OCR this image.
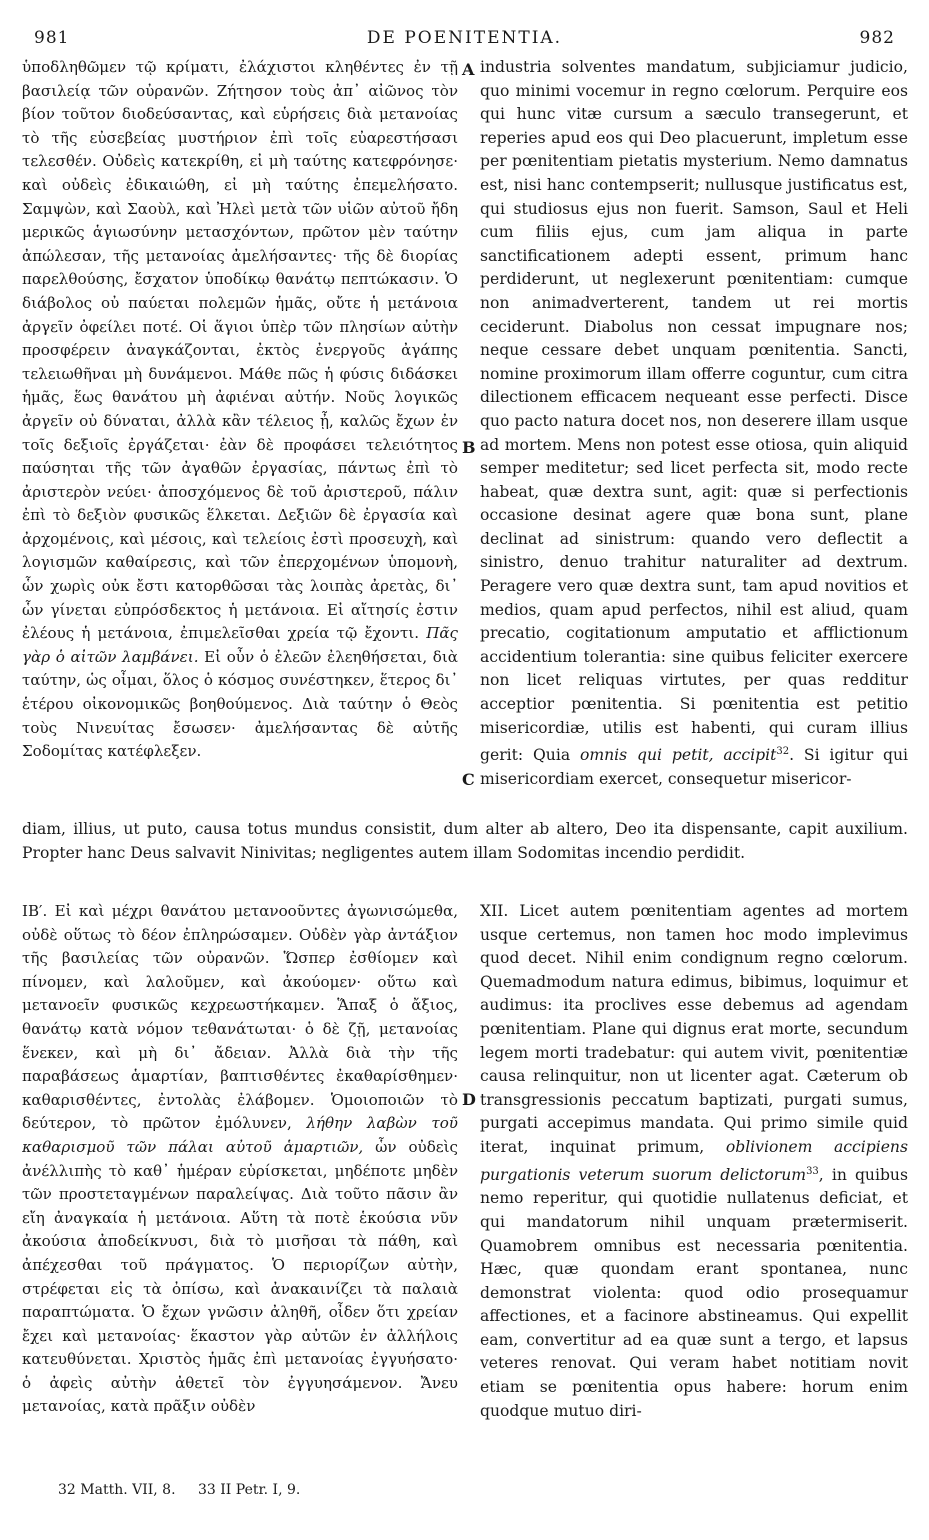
981	DE POENITENTIA.	982
ὑποδληθῶμεν τῷ κρίματι, ἐλάχιστοι κληθέντες ἐν τῇ βασιλείᾳ τῶν οὐρανῶν. Ζήτησον τοὺς ἀπ᾽ αἰῶνος τὸν βίον τοῦτον διοδεύσαντας, καὶ εὑρήσεις διὰ μετανοίας τὸ τῆς εὐσεβείας μυστήριον ἐπὶ τοῖς εὐαρεστήσασι τελεσθέν. Οὐδεὶς κατεκρίθη, εἰ μὴ ταύτης κατεφρόνησε· καὶ οὐδεὶς ἐδικαιώθη, εἰ μὴ ταύτης ἐπεμελήσατο. Σαμψὼν, καὶ Σαοὺλ, καὶ Ἠλεὶ μετὰ τῶν υἱῶν αὐτοῦ ἤδη μερικῶς ἁγιωσύνην μετασχόντων, πρῶτον μὲν ταύτην ἀπώλεσαν, τῆς μετανοίας ἀμελήσαντες· τῆς δὲ διορίας παρελθούσης, ἔσχατον ὑποδίκῳ θανάτῳ πεπτώκασιν. Ὁ διάβολος οὐ παύεται πολεμῶν ἡμᾶς, οὔτε ἡ μετάνοια ἀργεῖν ὀφείλει ποτέ. Οἱ ἅγιοι ὑπὲρ τῶν πλησίων αὐτὴν προσφέρειν ἀναγκάζονται, ἐκτὸς ἐνεργοῦς ἀγάπης τελειωθῆναι μὴ δυνάμενοι. Μάθε πῶς ἡ φύσις διδάσκει ἡμᾶς, ἕως θανάτου μὴ ἀφιέναι αὐτήν. Νοῦς λογικῶς ἀργεῖν οὐ δύναται, ἀλλὰ κἂν τέλειος ᾖ, καλῶς ἔχων ἐν τοῖς δεξιοῖς ἐργάζεται· ἐὰν δὲ προφάσει τελειότητος παύσηται τῆς τῶν ἀγαθῶν ἐργασίας, πάντως ἐπὶ τὸ ἀριστερὸν νεύει· ἀποσχόμενος δὲ τοῦ ἀριστεροῦ, πάλιν ἐπὶ τὸ δεξιὸν φυσικῶς ἕλκεται. Δεξιῶν δὲ ἐργασία καὶ ἀρχομένοις, καὶ μέσοις, καὶ τελείοις ἐστὶ προσευχὴ, καὶ λογισμῶν καθαίρεσις, καὶ τῶν ἐπερχομένων ὑπομονὴ, ὧν χωρὶς οὐκ ἔστι κατορθῶσαι τὰς λοιπὰς ἀρετὰς, δι᾽ ὧν γίνεται εὐπρόσδεκτος ἡ μετάνοια. Εἰ αἴτησίς ἐστιν ἐλέους ἡ μετάνοια, ἐπιμελεῖσθαι χρεία τῷ ἔχοντι. Πᾶς γὰρ ὁ αἰτῶν λαμβάνει. Εἰ οὖν ὁ ἐλεῶν ἐλεηθήσεται, διὰ ταύτην, ὡς οἶμαι, ὅλος ὁ κόσμος συνέστηκεν, ἕτερος δι᾽ ἑτέρου οἰκονομικῶς βοηθούμενος. Διὰ ταύτην ὁ Θεὸς τοὺς Νινευίτας ἔσωσεν· ἀμελήσαντας δὲ αὐτῆς Σοδομίτας κατέφλεξεν.
A
B
C
D
industria solventes mandatum, subjiciamur judicio, quo minimi vocemur in regno cœlorum. Perquire eos qui hunc vitæ cursum a sæculo transegerunt, et reperies apud eos qui Deo placuerunt, impletum esse per pœnitentiam pietatis mysterium. Nemo damnatus est, nisi hanc contempserit; nullusque justificatus est, qui studiosus ejus non fuerit. Samson, Saul et Heli cum filiis ejus, cum jam aliqua in parte sanctificationem adepti essent, primum hanc perdiderunt, ut neglexerunt pœnitentiam: cumque non animadverterent, tandem ut rei mortis ceciderunt. Diabolus non cessat impugnare nos; neque cessare debet unquam pœnitentia. Sancti, nomine proximorum illam offerre coguntur, cum citra dilectionem efficacem nequeant esse perfecti. Disce quo pacto natura docet nos, non deserere illam usque ad mortem. Mens non potest esse otiosa, quin aliquid semper meditetur; sed licet perfecta sit, modo recte habeat, quæ dextra sunt, agit: quæ si perfectionis occasione desinat agere quæ bona sunt, plane declinat ad sinistrum: quando vero deflectit a sinistro, denuo trahitur naturaliter ad dextrum. Peragere vero quæ dextra sunt, tam apud novitios et medios, quam apud perfectos, nihil est aliud, quam precatio, cogitationum amputatio et afflictionum accidentium tolerantia: sine quibus feliciter exercere non licet reliquas virtutes, per quas redditur acceptior pœnitentia. Si pœnitentia est petitio misericordiæ, utilis est habenti, qui curam illius gerit: Quia omnis qui petit, accipit$^{32}$. Si igitur qui misericordiam exercet, consequetur misericor-
diam, illius, ut puto, causa totus mundus consistit, dum alter ab altero, Deo ita dispensante, capit auxilium. Propter hanc Deus salvavit Ninivitas; negligentes autem illam Sodomitas incendio perdidit.
ΙΒ′. Εἰ καὶ μέχρι θανάτου μετανοοῦντες ἀγωνισώμεθα, οὐδὲ οὕτως τὸ δέον ἐπληρώσαμεν. Οὐδὲν γὰρ ἀντάξιον τῆς βασιλείας τῶν οὐρανῶν. Ὥσπερ ἐσθίομεν καὶ πίνομεν, καὶ λαλοῦμεν, καὶ ἀκούομεν· οὕτω καὶ μετανοεῖν φυσικῶς κεχρεωστήκαμεν. Ἅπαξ ὁ ἄξιος, θανάτῳ κατὰ νόμον τεθανάτωται· ὁ δὲ ζῇ, μετανοίας ἕνεκεν, καὶ μὴ δι᾽ ἄδειαν. Ἀλλὰ διὰ τὴν τῆς παραβάσεως ἁμαρτίαν, βαπτισθέντες ἐκαθαρίσθημεν· καθαρισθέντες, ἐντολὰς ἐλάβομεν. Ὁμοιοποιῶν τὸ δεύτερον, τὸ πρῶτον ἐμόλυνεν, λήθην λαβὼν τοῦ καθαρισμοῦ τῶν πάλαι αὐτοῦ ἁμαρτιῶν, ὧν οὐδεὶς ἀνέλλιπὴς τὸ καθ᾽ ἡμέραν εὑρίσκεται, μηδέποτε μηδὲν τῶν προστεταγμένων παραλείψας. Διὰ τοῦτο πᾶσιν ἂν εἴη ἀναγκαία ἡ μετάνοια. Αὕτη τὰ ποτὲ ἑκούσια νῦν ἀκούσια ἀποδείκνυσι, διὰ τὸ μισῆσαι τὰ πάθη, καὶ ἀπέχεσθαι τοῦ πράγματος. Ὁ περιορίζων αὐτὴν, στρέφεται εἰς τὰ ὀπίσω, καὶ ἀνακαινίζει τὰ παλαιὰ παραπτώματα. Ὁ ἔχων γνῶσιν ἀληθῆ, οἶδεν ὅτι χρείαν ἔχει καὶ μετανοίας· ἕκαστον γὰρ αὐτῶν ἐν ἀλλήλοις κατευθύνεται. Χριστὸς ἡμᾶς ἐπὶ μετανοίας ἐγγυήσατο· ὁ ἀφεὶς αὐτὴν ἀθετεῖ τὸν ἐγγυησάμενον. Ἄνευ μετανοίας, κατὰ πρᾶξιν οὐδὲν
XII. Licet autem pœnitentiam agentes ad mortem usque certemus, non tamen hoc modo implevimus quod decet. Nihil enim condignum regno cœlorum. Quemadmodum natura edimus, bibimus, loquimur et audimus: ita proclives esse debemus ad agendam pœnitentiam. Plane qui dignus erat morte, secundum legem morti tradebatur: qui autem vivit, pœnitentiæ causa relinquitur, non ut licenter agat. Cæterum ob transgressionis peccatum baptizati, purgati sumus, purgati accepimus mandata. Qui primo simile quid iterat, inquinat primum, oblivionem accipiens purgationis veterum suorum delictorum$^{33}$, in quibus nemo reperitur, qui quotidie nullatenus deficiat, et qui mandatorum nihil unquam prætermiserit. Quamobrem omnibus est necessaria pœnitentia. Hæc, quæ quondam erant spontanea, nunc demonstrat violenta: quod odio prosequamur affectiones, et a facinore abstineamus. Qui expellit eam, convertitur ad ea quæ sunt a tergo, et lapsus veteres renovat. Qui veram habet notitiam novit etiam se pœnitentia opus habere: horum enim quodque mutuo diri-
32 Matth. VII, 8. 33 II Petr. I, 9.
